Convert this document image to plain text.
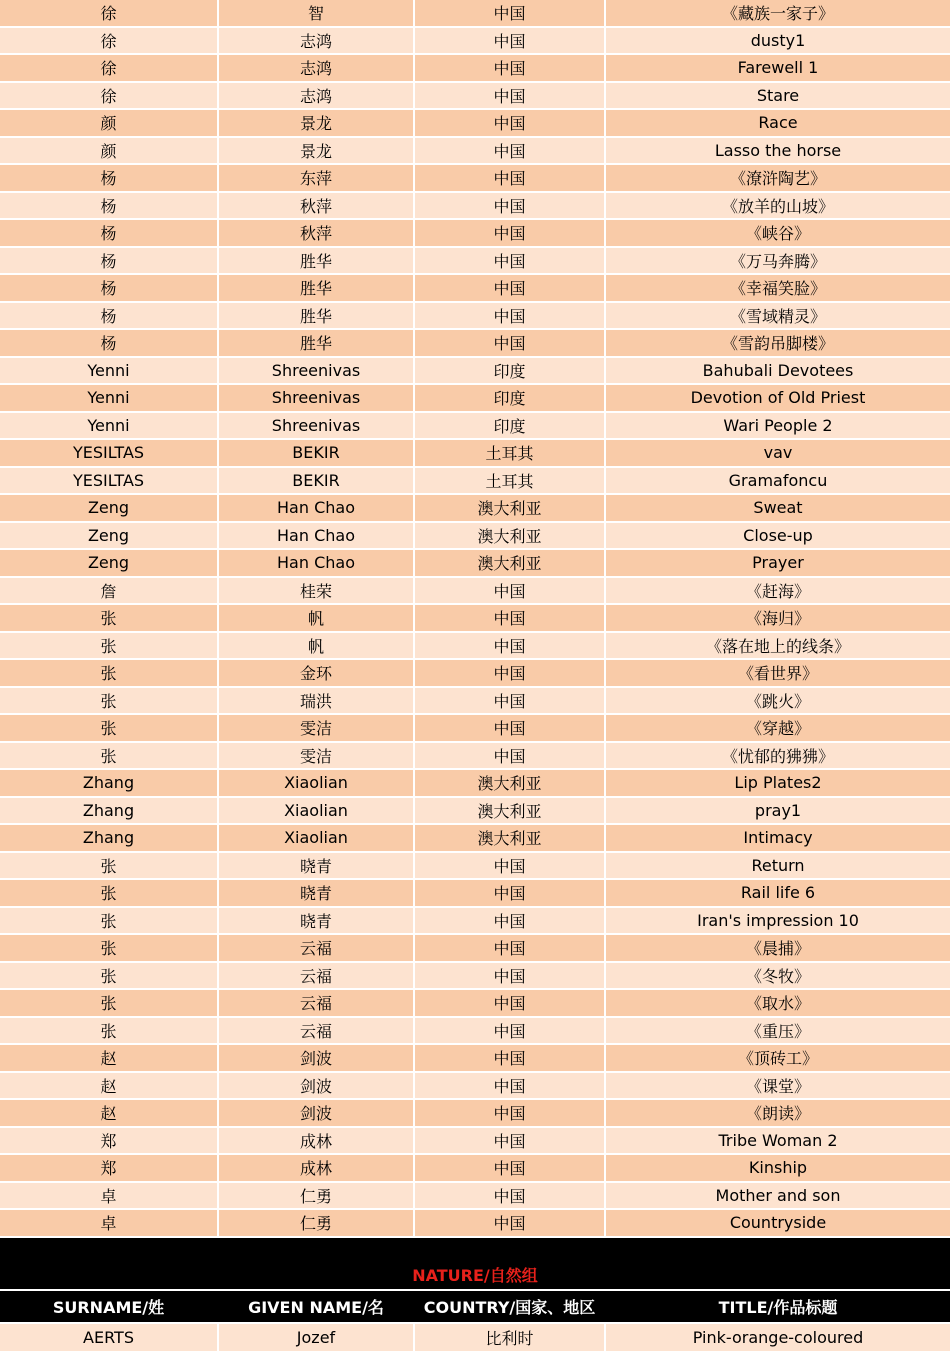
徐	智	中国	《藏族一家子》
徐	志鸿	中国	dusty1
徐	志鸿	中国	Farewell 1
徐	志鸿	中国	Stare
颜	景龙	中国	Race
颜	景龙	中国	Lasso the horse
杨	东萍	中国	《潦浒陶艺》
杨	秋萍	中国	《放羊的山坡》
杨	秋萍	中国	《峡谷》
杨	胜华	中国	《万马奔腾》
杨	胜华	中国	《幸福笑脸》
杨	胜华	中国	《雪域精灵》
杨	胜华	中国	《雪韵吊脚楼》
Yenni	Shreenivas	印度	Bahubali Devotees
Yenni	Shreenivas	印度	Devotion of Old Priest
Yenni	Shreenivas	印度	Wari People 2
YESILTAS	BEKIR	土耳其	vav
YESILTAS	BEKIR	土耳其	Gramafoncu
Zeng	Han Chao	澳大利亚	Sweat
Zeng	Han Chao	澳大利亚	Close-up
Zeng	Han Chao	澳大利亚	Prayer
詹	桂荣	中国	《赶海》
张	帆	中国	《海归》
张	帆	中国	《落在地上的线条》
张	金环	中国	《看世界》
张	瑞洪	中国	《跳火》
张	雯洁	中国	《穿越》
张	雯洁	中国	《忧郁的狒狒》
Zhang	Xiaolian	澳大利亚	Lip Plates2
Zhang	Xiaolian	澳大利亚	pray1
Zhang	Xiaolian	澳大利亚	Intimacy
张	晓青	中国	Return
张	晓青	中国	Rail life 6
张	晓青	中国	Iran's impression 10
张	云福	中国	《晨捕》
张	云福	中国	《冬牧》
张	云福	中国	《取水》
张	云福	中国	《重压》
赵	剑波	中国	《顶砖工》
赵	剑波	中国	《课堂》
赵	剑波	中国	《朗读》
郑	成林	中国	Tribe Woman 2
郑	成林	中国	Kinship
卓	仁勇	中国	Mother and son
卓	仁勇	中国	Countryside
NATURE/自然组
SURNAME/姓	GIVEN NAME/名	COUNTRY/国家、地区	TITLE/作品标题
AERTS	Jozef	比利时	Pink-orange-coloured
